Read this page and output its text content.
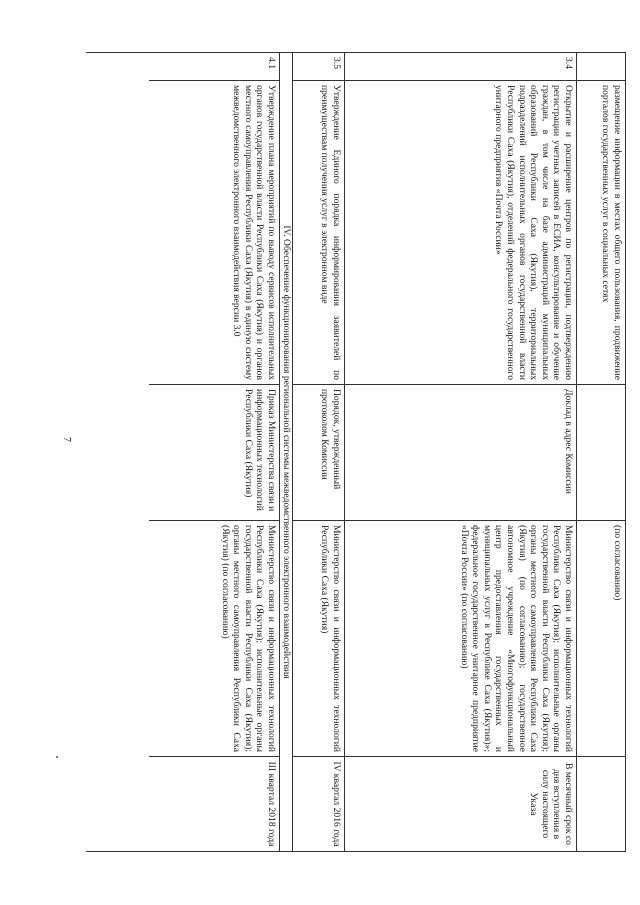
7
размещение информации в местах общего пользования, продвижение порталов государственных услуг в социальных сетях
(по согласованию)
3.4
Открытие и расширение центров по регистрации, подтверждению регистрации учетных записей в ЕСИА, консультирование и обучение граждан, в том числе на базе администраций муниципальных образований Республики Саха (Якутия), территориальных подразделений исполнительных органов государственной власти Республики Саха (Якутия), отделений федерального государственного унитарного предприятия «Почта России»
Доклад в адрес Комиссии
Министерство связи и информационных технологий Республики Саха (Якутия); исполнительные органы государственной власти Республики Саха (Якутия); органы местного самоуправления Республики Саха (Якутия) (по согласованию); государственное автономное учреждение «Многофункциональный центр предоставления государственных и муниципальных услуг в Республике Саха (Якутия)»; федеральное государственное унитарное предприятие «Почта России» (по согласованию)
В месячный срок со дня вступления в силу настоящего Указа
3.5
Утверждение Единого порядка информирования заявителей по преимуществам получения услуг в электронном виде
Порядок, утвержденный протоколом Комиссии
Министерство связи и информационных технологий Республики Саха (Якутия)
IV квартал 2016 года
IV. Обеспечение функционирования региональной системы межведомственного электронного взаимодействия
4.1
Утверждение плана мероприятий по выводу сервисов исполнительных органов государственной власти Республики Саха (Якутия) и органов местного самоуправления Республики Саха (Якутия) в единую систему межведомственного электронного взаимодействия версии 3.0
Приказ Министерства связи и информационных технологий Республики Саха (Якутия)
Министерство связи и информационных технологий Республики Саха (Якутия); исполнительные органы государственной власти Республики Саха (Якутия); органы местного самоуправления Республики Саха (Якутия) (по согласованию)
III квартал 2018 года
